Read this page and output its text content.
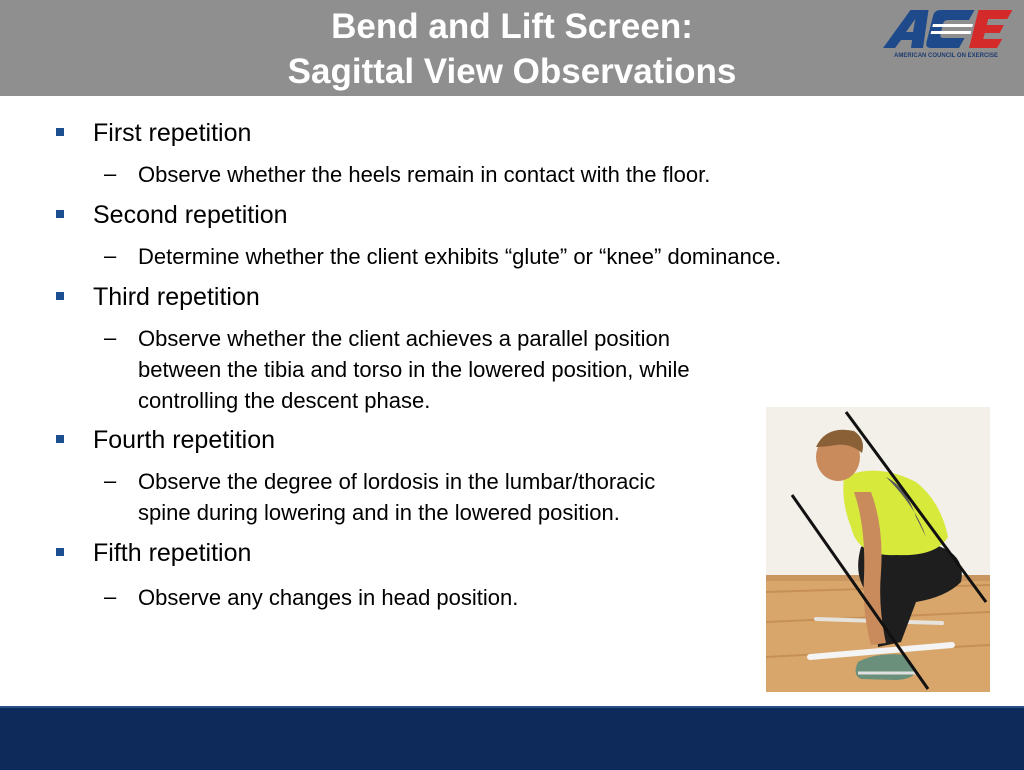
Bend and Lift Screen:
Sagittal View Observations	AMERICAN COUNCIL ON EXERCISE
First repetition
– Observe whether the heels remain in contact with the floor.
Second repetition
– Determine whether the client exhibits “glute” or “knee” dominance.
Third repetition
– Observe whether the client achieves a parallel position
between the tibia and torso in the lowered position, while
controlling the descent phase.
Fourth repetition
– Observe the degree of lordosis in the lumbar/thoracic
spine during lowering and in the lowered position.
Fifth repetition
– Observe any changes in head position.
